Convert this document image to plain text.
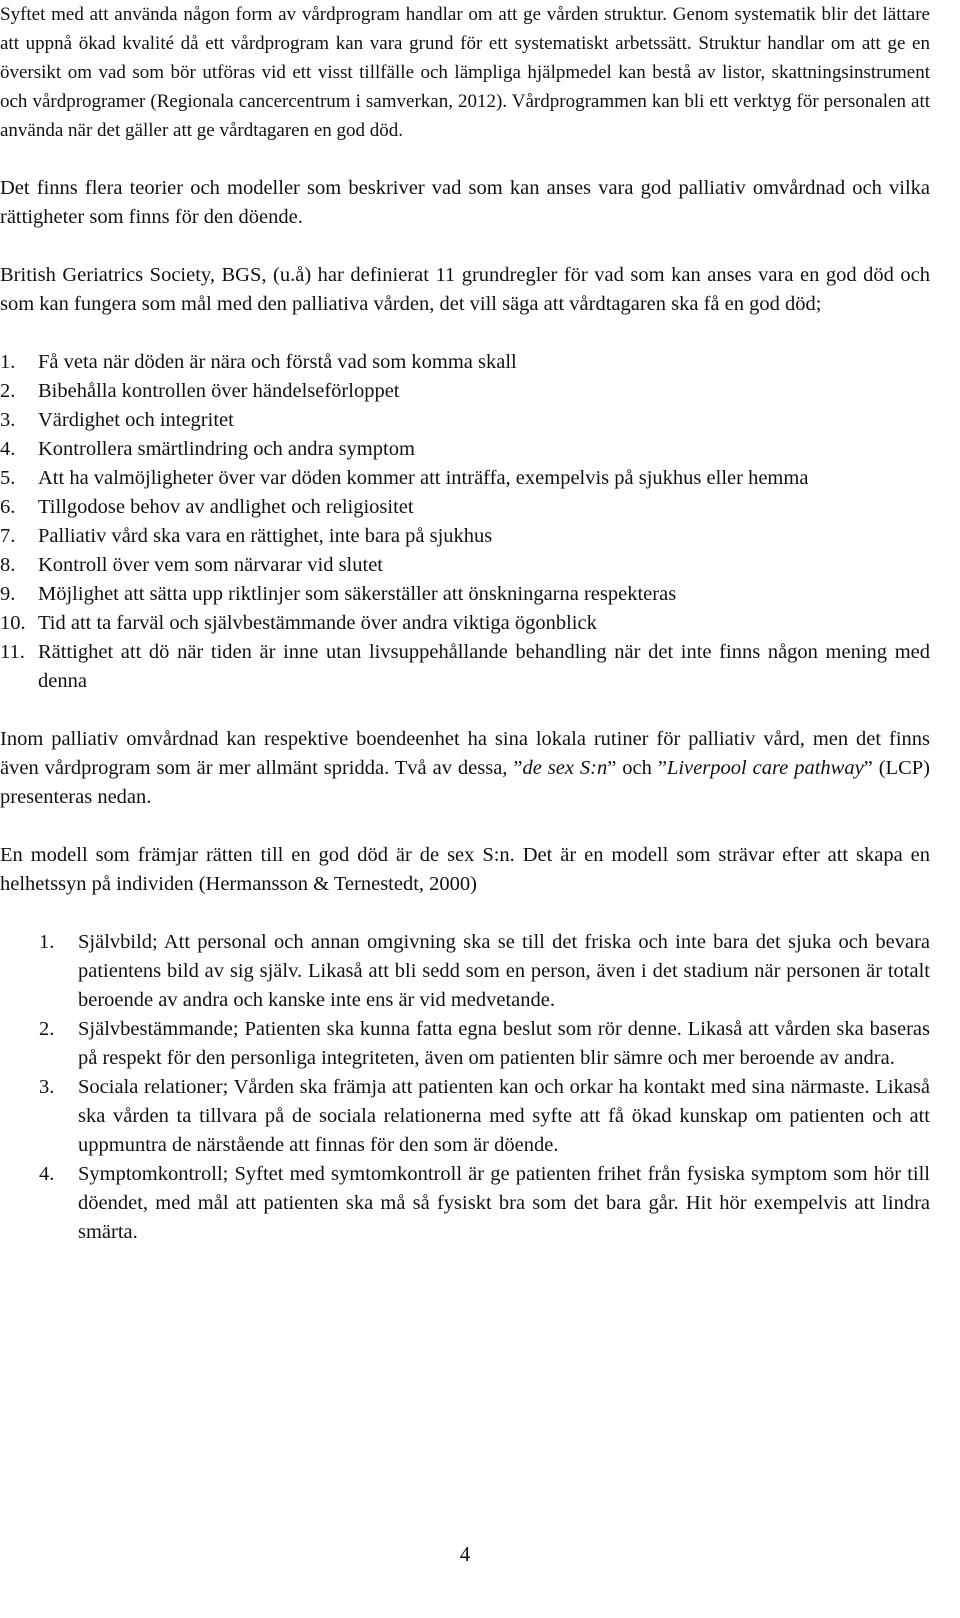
Syftet med att använda någon form av vårdprogram handlar om att ge vården struktur. Genom systematik blir det lättare att uppnå ökad kvalité då ett vårdprogram kan vara grund för ett systematiskt arbetssätt. Struktur handlar om att ge en översikt om vad som bör utföras vid ett visst tillfälle och lämpliga hjälpmedel kan bestå av listor, skattningsinstrument och vårdprogramer (Regionala cancercentrum i samverkan, 2012). Vårdprogrammen kan bli ett verktyg för personalen att använda när det gäller att ge vårdtagaren en god död.

Det finns flera teorier och modeller som beskriver vad som kan anses vara god palliativ omvårdnad och vilka rättigheter som finns för den döende.

British Geriatrics Society, BGS, (u.å) har definierat 11 grundregler för vad som kan anses vara en god död och som kan fungera som mål med den palliativa vården, det vill säga att vårdtagaren ska få en god död;

1.	Få veta när döden är nära och förstå vad som komma skall
2.	Bibehålla kontrollen över händelseförloppet
3.	Värdighet och integritet
4.	Kontrollera smärtlindring och andra symptom
5.	Att ha valmöjligheter över var döden kommer att inträffa, exempelvis på sjukhus eller hemma
6.	Tillgodose behov av andlighet och religiositet
7.	Palliativ vård ska vara en rättighet, inte bara på sjukhus
8.	Kontroll över vem som närvarar vid slutet
9.	Möjlighet att sätta upp riktlinjer som säkerställer att önskningarna respekteras
10. Tid att ta farväl och självbestämmande över andra viktiga ögonblick
11. Rättighet att dö när tiden är inne utan livsuppehållande behandling när det inte finns någon mening med denna

Inom palliativ omvårdnad kan respektive boendeenhet ha sina lokala rutiner för palliativ vård, men det finns även vårdprogram som är mer allmänt spridda. Två av dessa, ”de sex S:n” och ”Liverpool care pathway” (LCP) presenteras nedan.

En modell som främjar rätten till en god död är de sex S:n. Det är en modell som strävar efter att skapa en helhetssyn på individen (Hermansson & Ternestedt, 2000)

1.	Självbild; Att personal och annan omgivning ska se till det friska och inte bara det sjuka och bevara patientens bild av sig själv. Likaså att bli sedd som en person, även i det stadium när personen är totalt beroende av andra och kanske inte ens är vid medvetande.
2.	Självbestämmande; Patienten ska kunna fatta egna beslut som rör denne. Likaså att vården ska baseras på respekt för den personliga integriteten, även om patienten blir sämre och mer beroende av andra.
3.	Sociala relationer; Vården ska främja att patienten kan och orkar ha kontakt med sina närmaste. Likaså ska vården ta tillvara på de sociala relationerna med syfte att få ökad kunskap om patienten och att uppmuntra de närstående att finnas för den som är döende.
4.	Symptomkontroll; Syftet med symtomkontroll är ge patienten frihet från fysiska symptom som hör till döendet, med mål att patienten ska må så fysiskt bra som det bara går. Hit hör exempelvis att lindra smärta.
4
